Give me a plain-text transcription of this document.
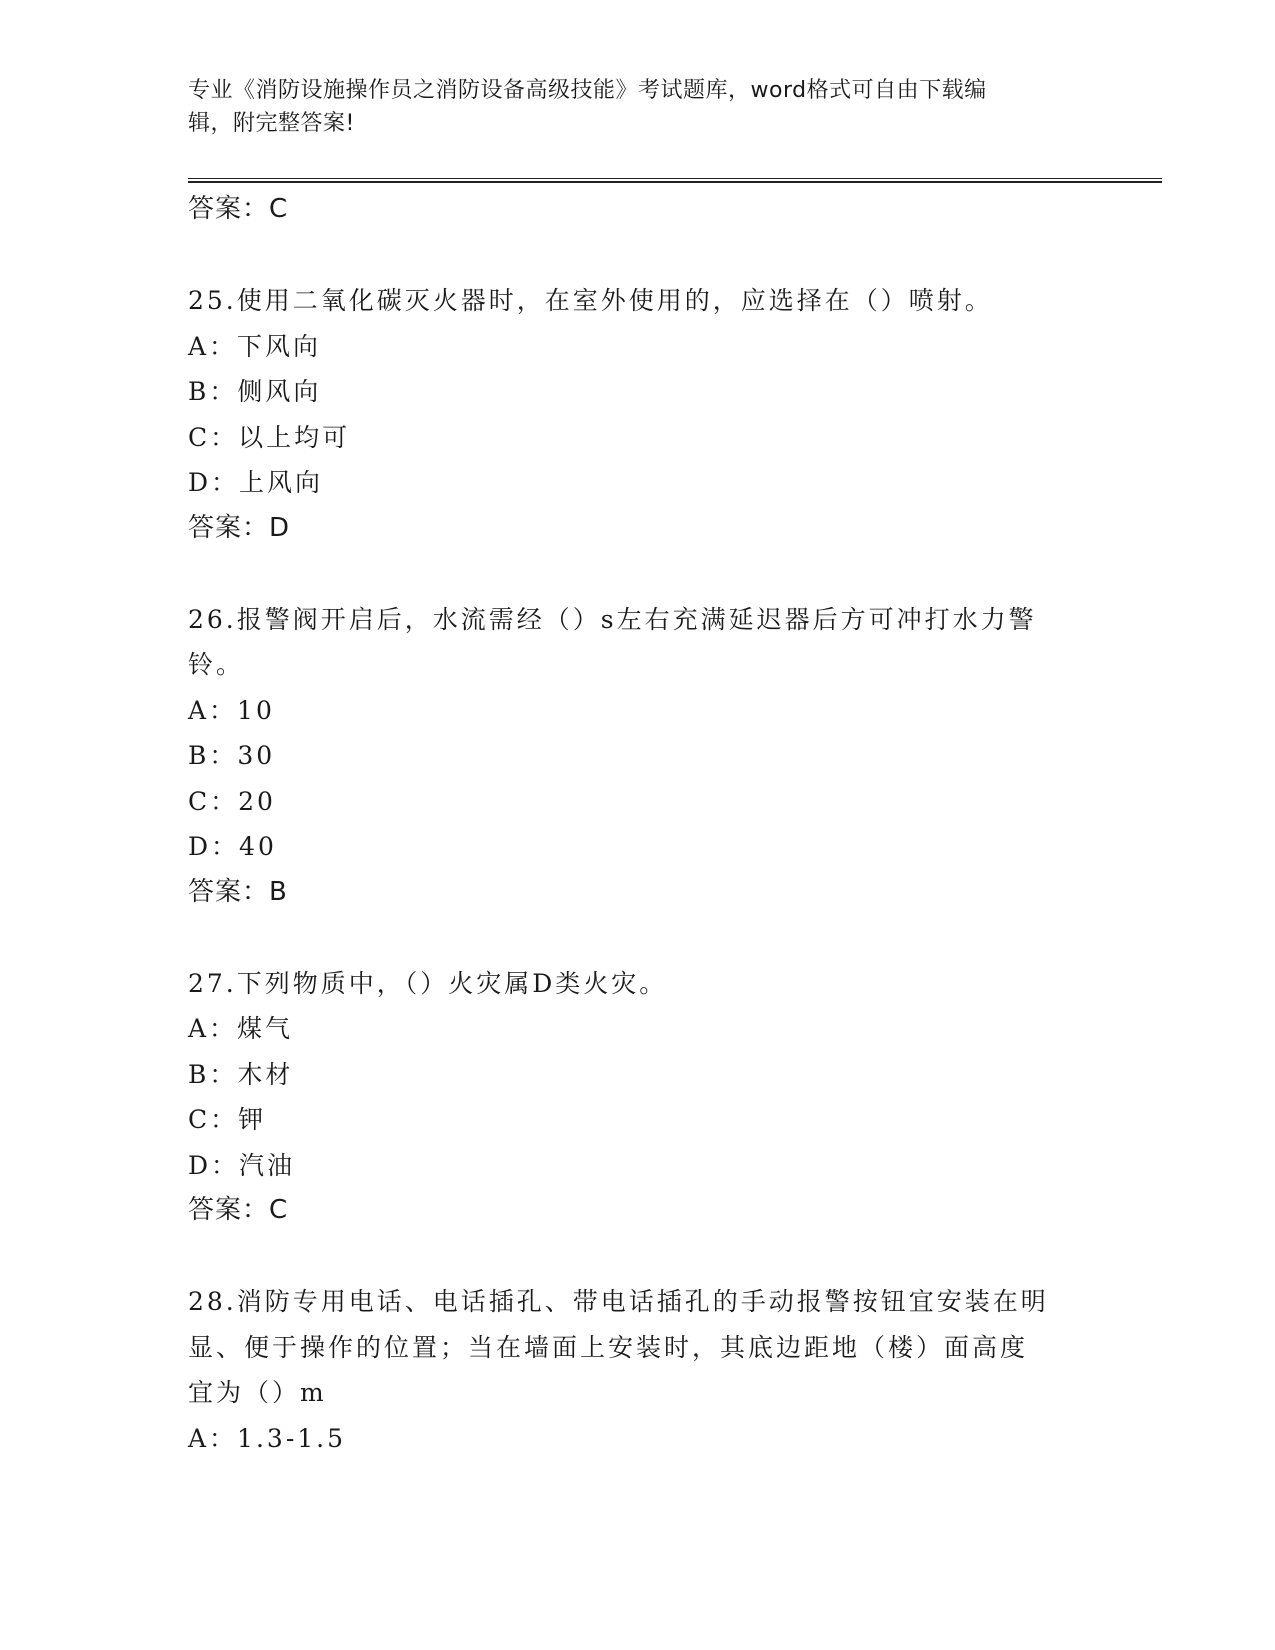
专业《消防设施操作员之消防设备高级技能》考试题库，word格式可自由下载编
辑，附完整答案!
答案：C
25.使用二氧化碳灭火器时，在室外使用的，应选择在（）喷射。
A：下风向
B：侧风向
C：以上均可
D：上风向
答案：D
26.报警阀开启后，水流需经（）s左右充满延迟器后方可冲打水力警
铃。
A：10
B：30
C：20
D：40
答案：B
27.下列物质中，（）火灾属D类火灾。
A：煤气
B：木材
C：钾
D：汽油
答案：C
28.消防专用电话、电话插孔、带电话插孔的手动报警按钮宜安装在明
显、便于操作的位置；当在墙面上安装时，其底边距地（楼）面高度
宜为（）m
A：1.3-1.5
